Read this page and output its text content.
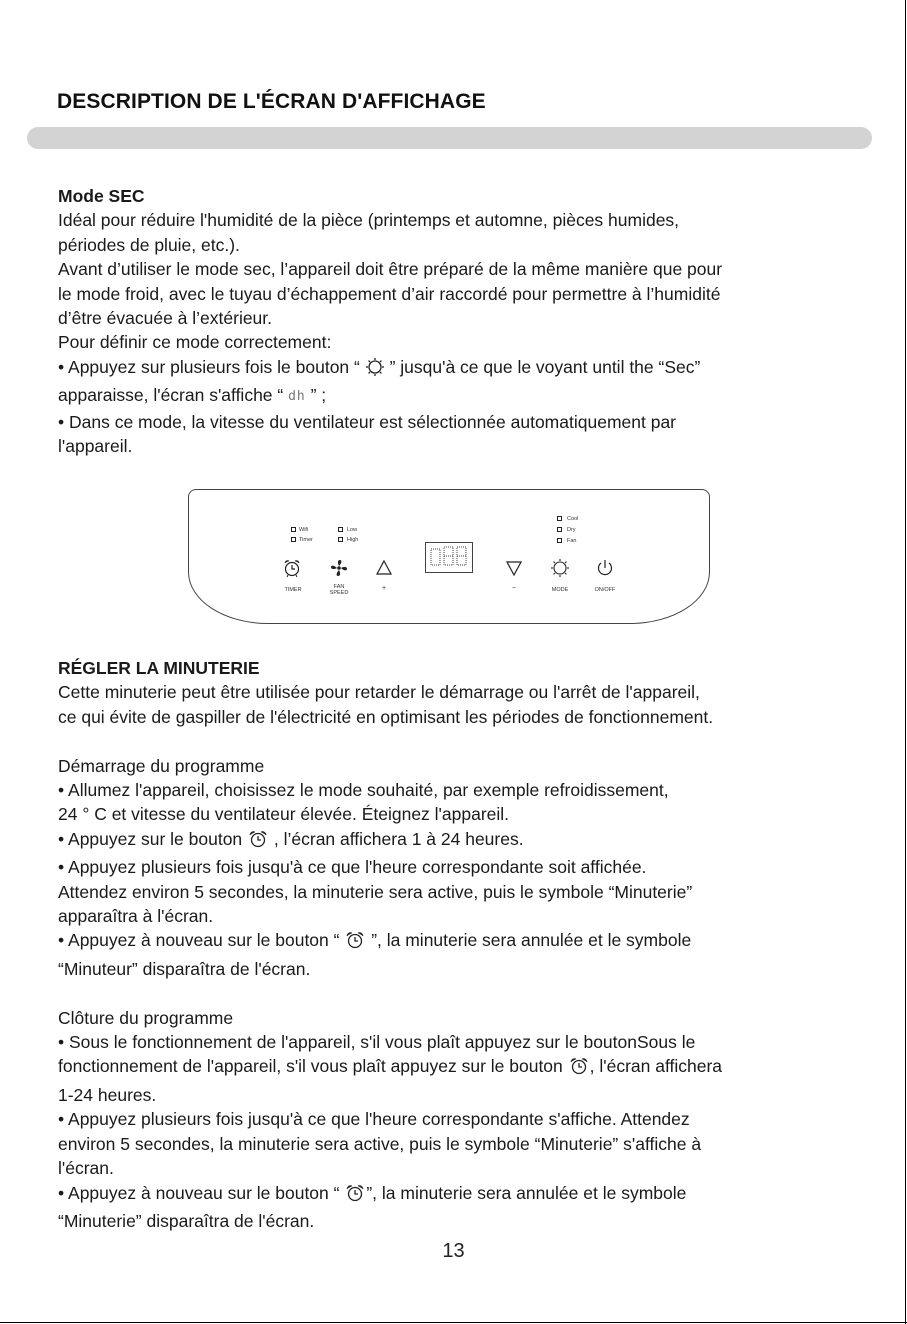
DESCRIPTION DE L'ÉCRAN D'AFFICHAGE

Mode SEC

Idéal pour réduire l'humidité de la pièce (printemps et automne, pièces humides,

périodes de pluie, etc.).

Avant d’utiliser le mode sec, l’appareil doit être préparé de la même manière que pour

le mode froid, avec le tuyau d’échappement d’air raccordé pour permettre à l’humidité

d’être évacuée à l’extérieur.

Pour définir ce mode correctement:

• Appuyez sur plusieurs fois le bouton “  ” jusqu'à ce que le voyant until the “Sec”

apparaisse, l'écran s'affiche “ dh ” ;

• Dans ce mode, la vitesse du ventilateur est sélectionnée automatiquement par

l'appareil.

Wifi
Timer
Low
High
Cool
Dry
Fan
TIMER	FAN
SPEED
+	−	MODE	ON/OFF

RÉGLER LA MINUTERIE

Cette minuterie peut être utilisée pour retarder le démarrage ou l'arrêt de l'appareil,

ce qui évite de gaspiller de l'électricité en optimisant les périodes de fonctionnement.

Démarrage du programme

• Allumez l'appareil, choisissez le mode souhaité, par exemple refroidissement,

24 ° C et vitesse du ventilateur élevée. Éteignez l'appareil.

• Appuyez sur le bouton  , l’écran affichera 1 à 24 heures.

• Appuyez plusieurs fois jusqu'à ce que l'heure correspondante soit affichée.

Attendez environ 5 secondes, la minuterie sera active, puis le symbole “Minuterie”

apparaîtra à l'écran.

• Appuyez à nouveau sur le bouton “  ”, la minuterie sera annulée et le symbole

“Minuteur” disparaîtra de l'écran.

Clôture du programme

• Sous le fonctionnement de l'appareil, s'il vous plaît appuyez sur le boutonSous le

fonctionnement de l'appareil, s'il vous plaît appuyez sur le bouton , l'écran affichera

1-24 heures.

• Appuyez plusieurs fois jusqu'à ce que l'heure correspondante s'affiche. Attendez

environ 5 secondes, la minuterie sera active, puis le symbole “Minuterie” s'affiche à

l'écran.

• Appuyez à nouveau sur le bouton “ ”, la minuterie sera annulée et le symbole

“Minuterie” disparaîtra de l'écran.

13
